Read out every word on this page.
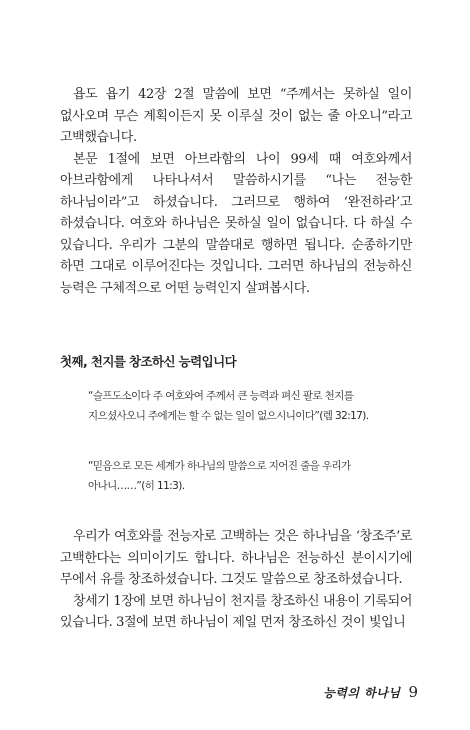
욥도 욥기 42장 2절 말씀에 보면 “주께서는 못하실 일이 없사오며 무슨 계획이든지 못 이루실 것이 없는 줄 아오니”라고 고백했습니다.

본문 1절에 보면 아브라함의 나이 99세 때 여호와께서 아브라함에게 나타나셔서 말씀하시기를 “나는 전능한 하나님이라”고 하셨습니다. 그러므로 행하여 ‘완전하라’고 하셨습니다. 여호와 하나님은 못하실 일이 없습니다. 다 하실 수 있습니다. 우리가 그분의 말씀대로 행하면 됩니다. 순종하기만 하면 그대로 이루어진다는 것입니다. 그러면 하나님의 전능하신 능력은 구체적으로 어떤 능력인지 살펴봅시다.

첫째, 천지를 창조하신 능력입니다

“슬프도소이다 주 여호와여 주께서 큰 능력과 펴신 팔로 천지를 지으셨사오니 주에게는 할 수 없는 일이 없으시니이다”(렘 32:17).

“믿음으로 모든 세계가 하나님의 말씀으로 지어진 줄을 우리가 아나니……”(히 11:3).

우리가 여호와를 전능자로 고백하는 것은 하나님을 ‘창조주’로 고백한다는 의미이기도 합니다. 하나님은 전능하신 분이시기에 무에서 유를 창조하셨습니다. 그것도 말씀으로 창조하셨습니다.

창세기 1장에 보면 하나님이 천지를 창조하신 내용이 기록되어 있습니다. 3절에 보면 하나님이 제일 먼저 창조하신 것이 빛입니

능력의 하나님 9
